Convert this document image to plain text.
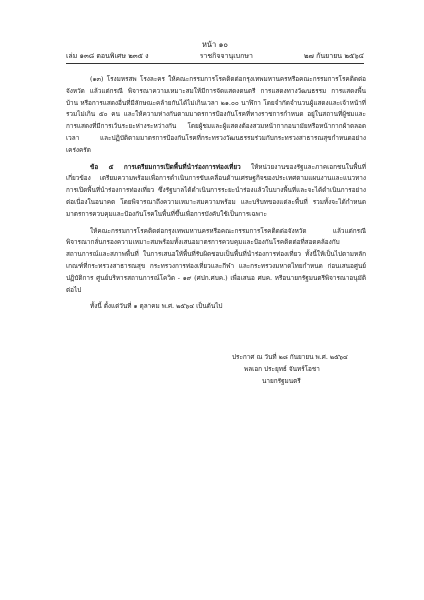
หน้า ๑๐
เล่ม ๑๓๘ ตอนพิเศษ ๒๓๕ ง	ราชกิจจานุเบกษา	๒๗ กันยายน ๒๕๖๔

(๑๓) โรงมหรสพ โรงละคร ให้คณะกรรมการโรคติดต่อกรุงเทพมหานครหรือคณะกรรมการโรคติดต่อจังหวัด แล้วแต่กรณี พิจารณาความเหมาะสมให้มีการจัดแสดงดนตรี การแสดงทางวัฒนธรรม การแสดงพื้นบ้าน หรือการแสดงอื่นที่มีลักษณะคล้ายกันได้ไม่เกินเวลา ๒๑.๐๐ นาฬิกา โดยจำกัดจำนวนผู้แสดงและเจ้าหน้าที่รวมไม่เกิน ๕๐ คน และให้ความห่างกันตามมาตรการป้องกันโรคที่ทางราชการกำหนด อยู่ในสถานที่ผู้ชมและการแสดงที่มีการเว้นระยะห่างระหว่างกัน โดยผู้ชมและผู้แสดงต้องสวมหน้ากากอนามัยหรือหน้ากากผ้าตลอดเวลา และปฏิบัติตามมาตรการป้องกันโรคที่กระทรวงวัฒนธรรมร่วมกับกระทรวงสาธารณสุขกำหนดอย่างเคร่งครัด

ข้อ ๕ การเตรียมการเปิดพื้นที่นำร่องการท่องเที่ยว ให้หน่วยงานของรัฐและภาคเอกชนในพื้นที่เกี่ยวข้อง เตรียมความพร้อมเพื่อการดำเนินการขับเคลื่อนด้านเศรษฐกิจของประเทศตามแผนงานและแนวทางการเปิดพื้นที่นำร่องการท่องเที่ยว ซึ่งรัฐบาลได้ดำเนินการระยะนำร่องแล้วในบางพื้นที่และจะได้ดำเนินการอย่างต่อเนื่องในอนาคต โดยพิจารณาถึงความเหมาะสมความพร้อม และบริบทของแต่ละพื้นที่ รวมทั้งจะได้กำหนดมาตรการควบคุมและป้องกันโรคในพื้นที่ขึ้นเพื่อการบังคับใช้เป็นการเฉพาะ

ให้คณะกรรมการโรคติดต่อกรุงเทพมหานครหรือคณะกรรมการโรคติดต่อจังหวัด แล้วแต่กรณี พิจารณากลั่นกรองความเหมาะสมพร้อมทั้งเสนอมาตรการควบคุมและป้องกันโรคติดต่อที่สอดคล้องกับสถานการณ์และสภาพพื้นที่ ในการเสนอให้พื้นที่รับผิดชอบเป็นพื้นที่นำร่องการท่องเที่ยว ทั้งนี้ให้เป็นไปตามหลักเกณฑ์ที่กระทรวงสาธารณสุข กระทรวงการท่องเที่ยวและกีฬา และกระทรวงมหาดไทยกำหนด ก่อนเสนอศูนย์ปฏิบัติการ ศูนย์บริหารสถานการณ์โควิด - ๑๙ (ศปก.ศบค.) เพื่อเสนอ ศบค. หรือนายกรัฐมนตรีพิจารณาอนุมัติต่อไป

ทั้งนี้ ตั้งแต่วันที่ ๑ ตุลาคม พ.ศ. ๒๕๖๔ เป็นต้นไป

ประกาศ ณ วันที่ ๒๘ กันยายน พ.ศ. ๒๕๖๔
พลเอก ประยุทธ์ จันทร์โอชา
นายกรัฐมนตรี
